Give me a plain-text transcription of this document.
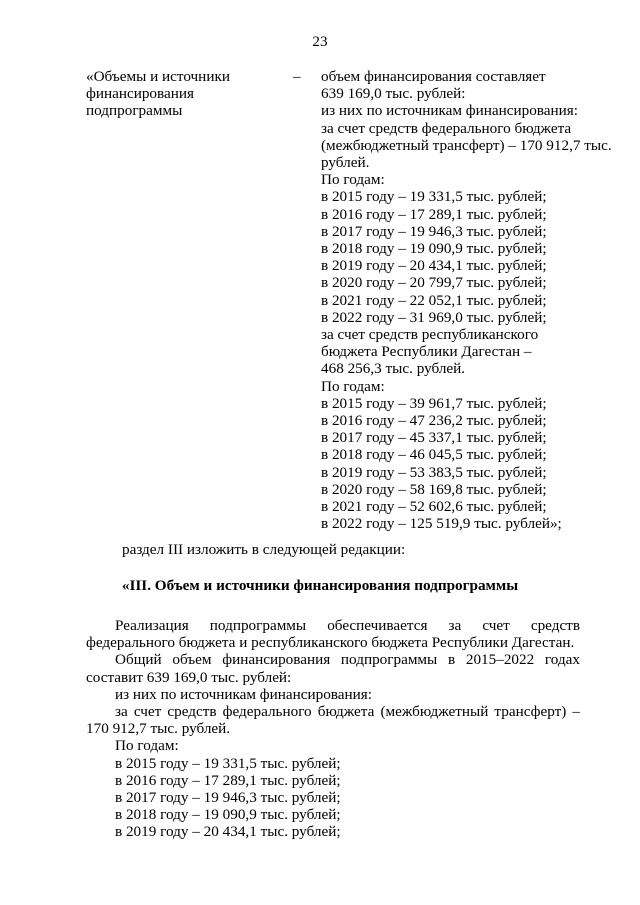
23
«Объемы и источники
финансирования
подпрограммы
– объем финансирования составляет
639 169,0 тыс. рублей:
из них по источникам финансирования:
за счет средств федерального бюджета
(межбюджетный трансферт) – 170 912,7 тыс.
рублей.
По годам:
в 2015 году – 19 331,5 тыс. рублей;
в 2016 году – 17 289,1 тыс. рублей;
в 2017 году – 19 946,3 тыс. рублей;
в 2018 году – 19 090,9 тыс. рублей;
в 2019 году – 20 434,1 тыс. рублей;
в 2020 году – 20 799,7 тыс. рублей;
в 2021 году – 22 052,1 тыс. рублей;
в 2022 году – 31 969,0 тыс. рублей;
за счет средств республиканского
бюджета Республики Дагестан –
468 256,3 тыс. рублей.
По годам:
в 2015 году – 39 961,7 тыс. рублей;
в 2016 году – 47 236,2 тыс. рублей;
в 2017 году – 45 337,1 тыс. рублей;
в 2018 году – 46 045,5 тыс. рублей;
в 2019 году – 53 383,5 тыс. рублей;
в 2020 году – 58 169,8 тыс. рублей;
в 2021 году – 52 602,6 тыс. рублей;
в 2022 году – 125 519,9 тыс. рублей»;
раздел III изложить в следующей редакции:
«III. Объем и источники финансирования подпрограммы
Реализация подпрограммы обеспечивается за счет средств
федерального бюджета и республиканского бюджета Республики Дагестан.
Общий объем финансирования подпрограммы в 2015–2022 годах
составит 639 169,0 тыс. рублей:
из них по источникам финансирования:
за счет средств федерального бюджета (межбюджетный трансферт) –
170 912,7 тыс. рублей.
По годам:
в 2015 году – 19 331,5 тыс. рублей;
в 2016 году – 17 289,1 тыс. рублей;
в 2017 году – 19 946,3 тыс. рублей;
в 2018 году – 19 090,9 тыс. рублей;
в 2019 году – 20 434,1 тыс. рублей;
